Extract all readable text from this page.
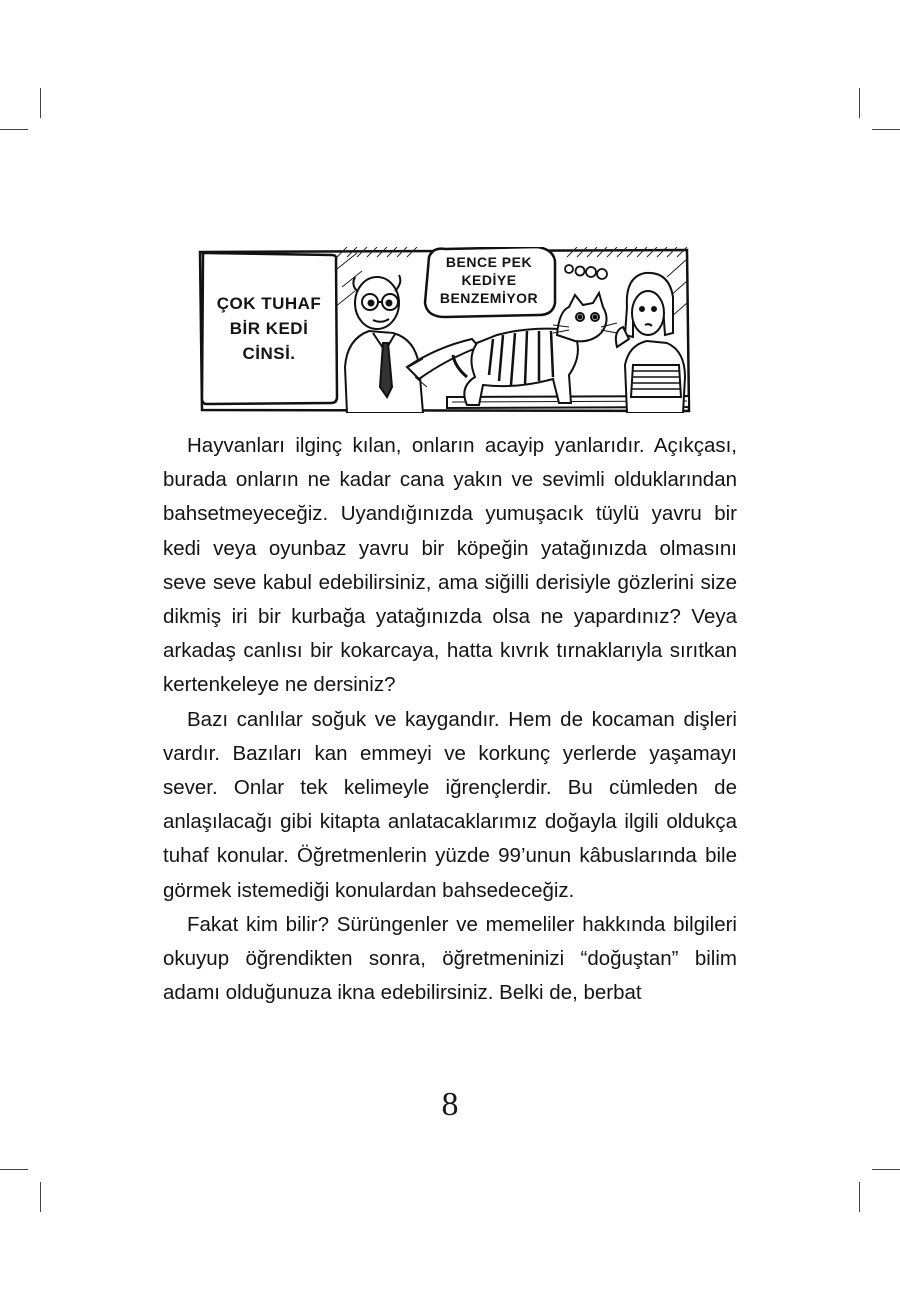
ÇOK TUHAF
BİR KEDİ
CİNSİ.
BENCE PEK
KEDİYE
BENZEMİYOR

Hayvanları ilginç kılan, onların acayip yanlarıdır. Açıkçası, burada onların ne kadar cana yakın ve sevimli olduklarından bahsetmeyeceğiz. Uyandığınızda yumuşacık tüylü yavru bir kedi veya oyunbaz yavru bir köpeğin yatağınızda olmasını seve seve kabul edebilirsiniz, ama siğilli derisiyle gözlerini size dikmiş iri bir kurbağa yatağınızda olsa ne yapardınız? Veya arkadaş canlısı bir kokarcaya, hatta kıvrık tırnaklarıyla sırıtkan kertenkeleye ne dersiniz?

Bazı canlılar soğuk ve kaygandır. Hem de kocaman dişleri vardır. Bazıları kan emmeyi ve korkunç yerlerde yaşamayı sever. Onlar tek kelimeyle iğrençlerdir. Bu cümleden de anlaşılacağı gibi kitapta anlatacaklarımız doğayla ilgili oldukça tuhaf konular. Öğretmenlerin yüzde 99’unun kâbuslarında bile görmek istemediği konulardan bahsedeceğiz.

Fakat kim bilir? Sürüngenler ve memeliler hakkında bilgileri okuyup öğrendikten sonra, öğretmeninizi “doğuştan” bilim adamı olduğunuza ikna edebilirsiniz. Belki de, berbat

8
